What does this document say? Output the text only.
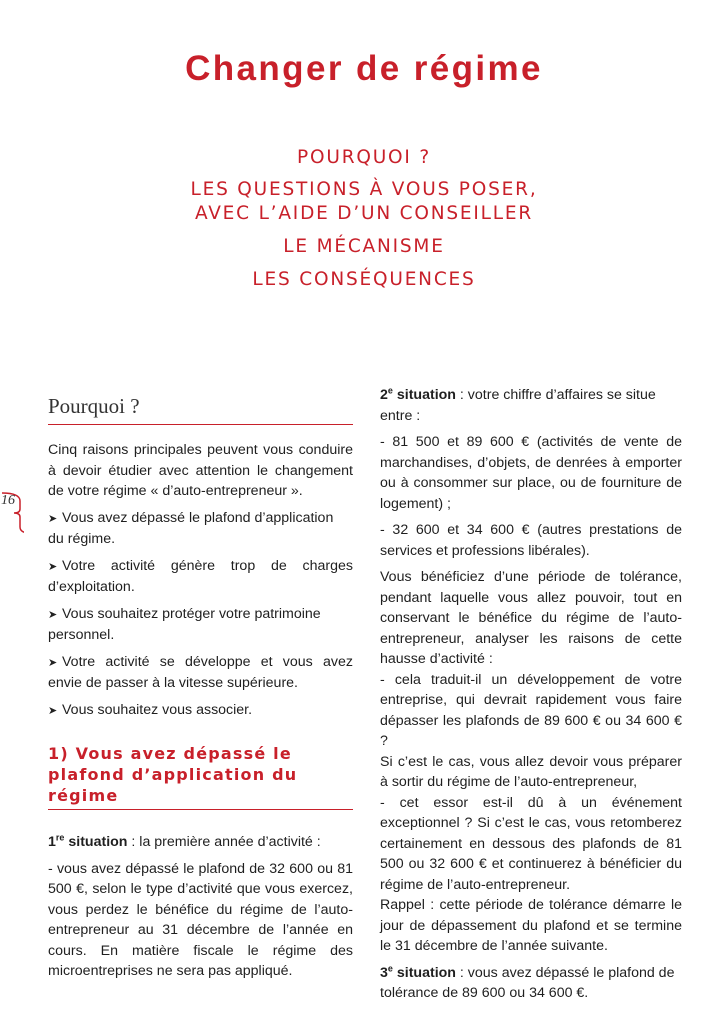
Changer de régime
POURQUOI ?
LES QUESTIONS À VOUS POSER,
AVEC L’AIDE D’UN CONSEILLER
LE MÉCANISME
LES CONSÉQUENCES
16
Pourquoi ?

Cinq raisons principales peuvent vous conduire à devoir étudier avec attention le changement de votre régime « d’auto-entrepreneur ».

➤ Vous avez dépassé le plafond d’application du régime.
➤ Votre activité génère trop de charges d’exploitation.
➤ Vous souhaitez protéger votre patrimoine personnel.
➤ Votre activité se développe et vous avez envie de passer à la vitesse supérieure.
➤ Vous souhaitez vous associer.
1) Vous avez dépassé le plafond d’application du régime

1re situation : la première année d’activité :

- vous avez dépassé le plafond de 32 600 ou 81 500 €, selon le type d’activité que vous exercez, vous perdez le bénéfice du régime de l’auto-entrepreneur au 31 décembre de l’année en cours. En matière fiscale le régime des microentreprises ne sera pas appliqué.

2e situation : votre chiffre d’affaires se situe entre :

- 81 500 et 89 600 € (activités de vente de marchandises, d’objets, de denrées à emporter ou à consommer sur place, ou de fourniture de logement) ;

- 32 600 et 34 600 € (autres prestations de services et professions libérales).

Vous bénéficiez d’une période de tolérance, pendant laquelle vous allez pouvoir, tout en conservant le bénéfice du régime de l’auto-entrepreneur, analyser les raisons de cette hausse d’activité :

- cela traduit-il un développement de votre entreprise, qui devrait rapidement vous faire dépasser les plafonds de 89 600 € ou 34 600 € ?

Si c’est le cas, vous allez devoir vous préparer à sortir du régime de l’auto-entrepreneur,

- cet essor est-il dû à un événement exceptionnel ? Si c’est le cas, vous retomberez certainement en dessous des plafonds de 81 500 ou 32 600 € et continuerez à bénéficier du régime de l’auto-entrepreneur.

Rappel : cette période de tolérance démarre le jour de dépassement du plafond et se termine le 31 décembre de l’année suivante.

3e situation : vous avez dépassé le plafond de tolérance de 89 600 ou 34 600 €.
